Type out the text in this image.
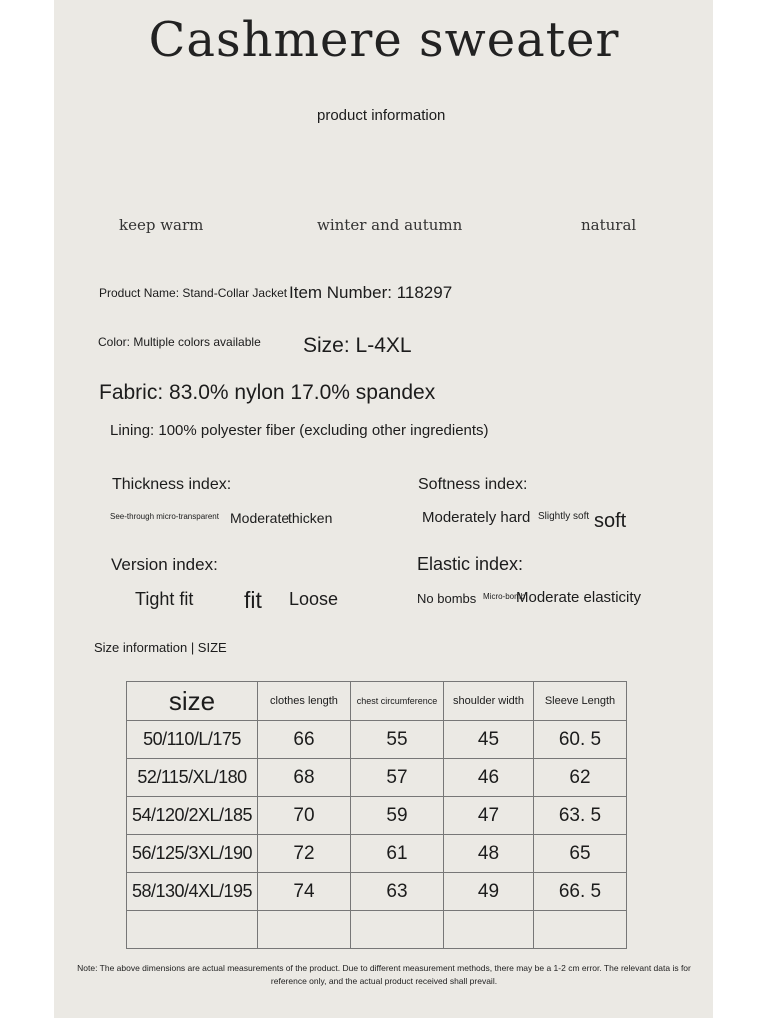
Cashmere sweater
product information
keep warm	winter and autumn	natural
Product Name: Stand-Collar Jacket Item Number: 118297
Color: Multiple colors available Size: L-4XL
Fabric: 83.0% nylon 17.0% spandex
Lining: 100% polyester fiber (excluding other ingredients)
Thickness index:
See-through micro-transparent Moderate
thicken
Softness index:
Moderately hard Slightly soft soft
Version index:
Tight fit fit Loose
Elastic index:
No bombs Micro-bomb
Moderate elasticity
Size information | SIZE
size	clothes length	chest circumference	shoulder width	Sleeve Length
50/110/L/175	66	55	45	60. 5
52/115/XL/180	68	57	46	62
54/120/2XL/185	70	59	47	63. 5
56/125/3XL/190	72	61	48	65
58/130/4XL/195	74	63	49	66. 5

Note: The above dimensions are actual measurements of the product. Due to different measurement methods, there may be a 1-2 cm error. The relevant data is for reference only, and the actual product received shall prevail.
